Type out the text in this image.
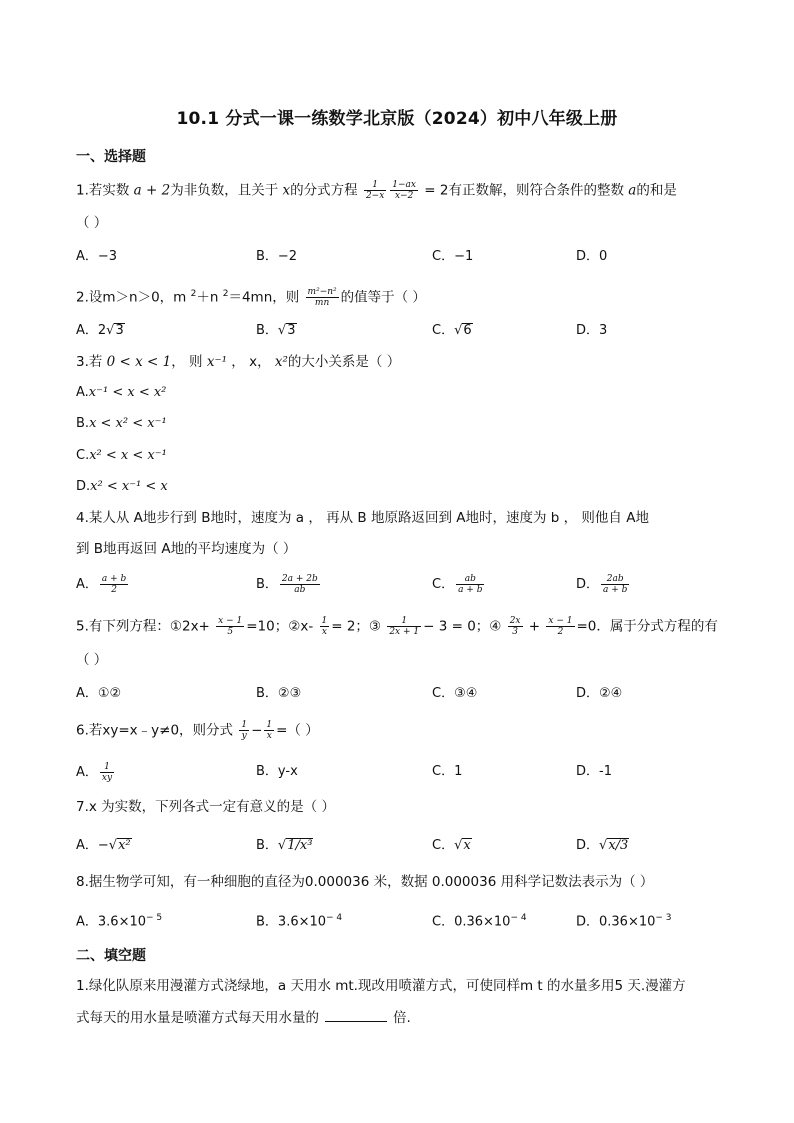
10.1 分式一课一练数学北京版（2024）初中八年级上册
一、选择题
1.若实数 a + 2为非负数，且关于 x的分式方程 $\frac{1}{2-x} \frac{1-ax}{x-2} = 2$有正数解，则符合条件的整数 a的和是
（ ）
A．−3	B．−2	C．−1	D．0
2.设m＞n＞0，m $^2$＋n $^2$＝4mn，则 $\frac{\text{m²−n²}}{mn}$ 的值等于（ ）
A．2√3	B．√3	C．√6	D．3
3.若 0 < x < 1， 则 x⁻¹ ， x， x²的大小关系是（ ）
A.x⁻¹ < x < x²
B.x < x² < x⁻¹
C.x² < x < x⁻¹
D.x² < x⁻¹ < x
4.某人从 A地步行到 B地时，速度为 a ， 再从 B 地原路返回到 A地时，速度为 b ， 则他自 A地
到 B地再返回 A地的平均速度为（ ）
A． $\frac{a + b}{2}$	B． $\frac{2a + 2b}{ab}$	C． $\frac{ab}{a + b}$	D． $\frac{2ab}{a + b}$
5.有下列方程：①2x+ $\frac{x - 1}{5} =10$；②x- $\frac{1}{x} = 2$；③ $\frac{1}{2x + 1} - 3 = 0$；④ $\frac{2x}{3} + \frac{x - 1}{2} =0$．属于分式方程的有
（ ）
A．①②	B．②③	C．③④	D．②④
6.若xy=x﹣y≠0，则分式 $\frac{1}{y} - \frac{1}{x}$ =（ ）
A． $\frac{1}{xy}$	B．y-x	C．1	D．-1
7.x 为实数，下列各式一定有意义的是（ ）
A．−√x²	B．√1/x³	C．√x	D．√x/3
8.据生物学可知，有一种细胞的直径为0.000036 米，数据 0.000036 用科学记数法表示为（ ）
A．$3.6\times 10^{- 5}$	B．$3.6\times 10^{- 4}$	C．$0.36\times 10^{- 4}$	D．$0.36\times 10^{- 3}$
二、填空题
1.绿化队原来用漫灌方式浇绿地，a 天用水 mt.现改用喷灌方式，可使同样m t 的水量多用5 天.漫灌方
式每天的用水量是喷灌方式每天用水量的	倍.
